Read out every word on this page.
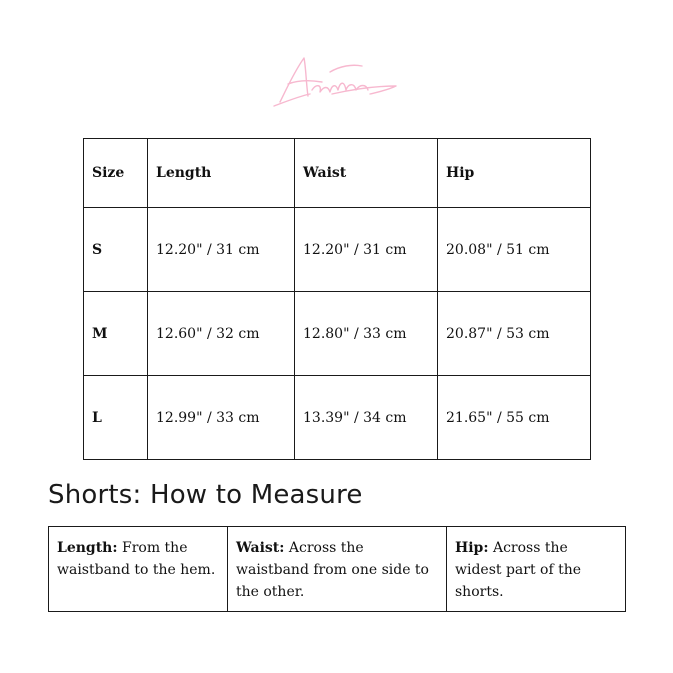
Size	Length	Waist	Hip
S	12.20" / 31 cm	12.20" / 31 cm	20.08" / 51 cm
M	12.60" / 32 cm	12.80" / 33 cm	20.87" / 53 cm
L	12.99" / 33 cm	13.39" / 34 cm	21.65" / 55 cm
Shorts: How to Measure
Length: From the waistband to the hem.	Waist: Across the waistband from one side to the other.	Hip: Across the widest part of the shorts.
